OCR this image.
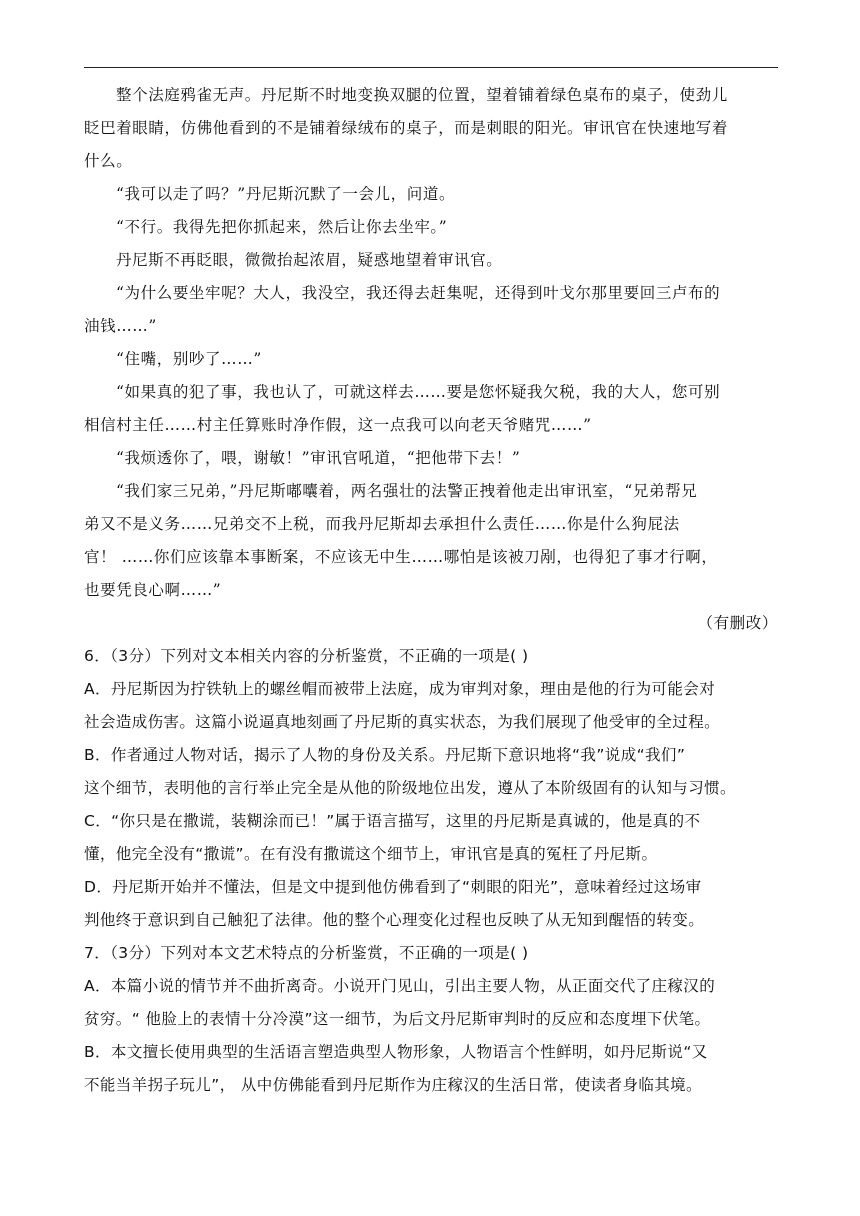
整个法庭鸦雀无声。丹尼斯不时地变换双腿的位置，望着铺着绿色桌布的桌子，使劲儿
眨巴着眼睛，仿佛他看到的不是铺着绿绒布的桌子，而是刺眼的阳光。审讯官在快速地写着
什么。
“我可以走了吗？”丹尼斯沉默了一会儿，问道。
“不行。我得先把你抓起来，然后让你去坐牢。”
丹尼斯不再眨眼，微微抬起浓眉，疑惑地望着审讯官。
“为什么要坐牢呢？大人，我没空，我还得去赶集呢，还得到叶戈尔那里要回三卢布的
油钱……”
“住嘴，别吵了……”
“如果真的犯了事，我也认了，可就这样去……要是您怀疑我欠税，我的大人，您可别
相信村主任……村主任算账时净作假，这一点我可以向老天爷赌咒……”
“我烦透你了，喂，谢敏！”审讯官吼道，“把他带下去！”
“我们家三兄弟，”丹尼斯嘟囔着，两名强壮的法警正拽着他走出审讯室，“兄弟帮兄
弟又不是义务……兄弟交不上税，而我丹尼斯却去承担什么责任……你是什么狗屁法
官！ ……你们应该靠本事断案，不应该无中生……哪怕是该被刀剐，也得犯了事才行啊，
也要凭良心啊……”
（有删改）
6．（3分）下列对文本相关内容的分析鉴赏，不正确的一项是( )
A．丹尼斯因为拧铁轨上的螺丝帽而被带上法庭，成为审判对象，理由是他的行为可能会对
社会造成伤害。这篇小说逼真地刻画了丹尼斯的真实状态，为我们展现了他受审的全过程。
B．作者通过人物对话，揭示了人物的身份及关系。丹尼斯下意识地将“我”说成“我们”
这个细节，表明他的言行举止完全是从他的阶级地位出发，遵从了本阶级固有的认知与习惯。
C．“你只是在撒谎，装糊涂而已！”属于语言描写，这里的丹尼斯是真诚的，他是真的不
懂，他完全没有“撒谎”。在有没有撒谎这个细节上，审讯官是真的冤枉了丹尼斯。
D．丹尼斯开始并不懂法，但是文中提到他仿佛看到了“刺眼的阳光”，意味着经过这场审
判他终于意识到自己触犯了法律。他的整个心理变化过程也反映了从无知到醒悟的转变。
7．（3分）下列对本文艺术特点的分析鉴赏，不正确的一项是( )
A．本篇小说的情节并不曲折离奇。小说开门见山，引出主要人物，从正面交代了庄稼汉的
贫穷。“ 他脸上的表情十分冷漠”这一细节，为后文丹尼斯审判时的反应和态度埋下伏笔。
B．本文擅长使用典型的生活语言塑造典型人物形象，人物语言个性鲜明，如丹尼斯说“又
不能当羊拐子玩儿”， 从中仿佛能看到丹尼斯作为庄稼汉的生活日常，使读者身临其境。
